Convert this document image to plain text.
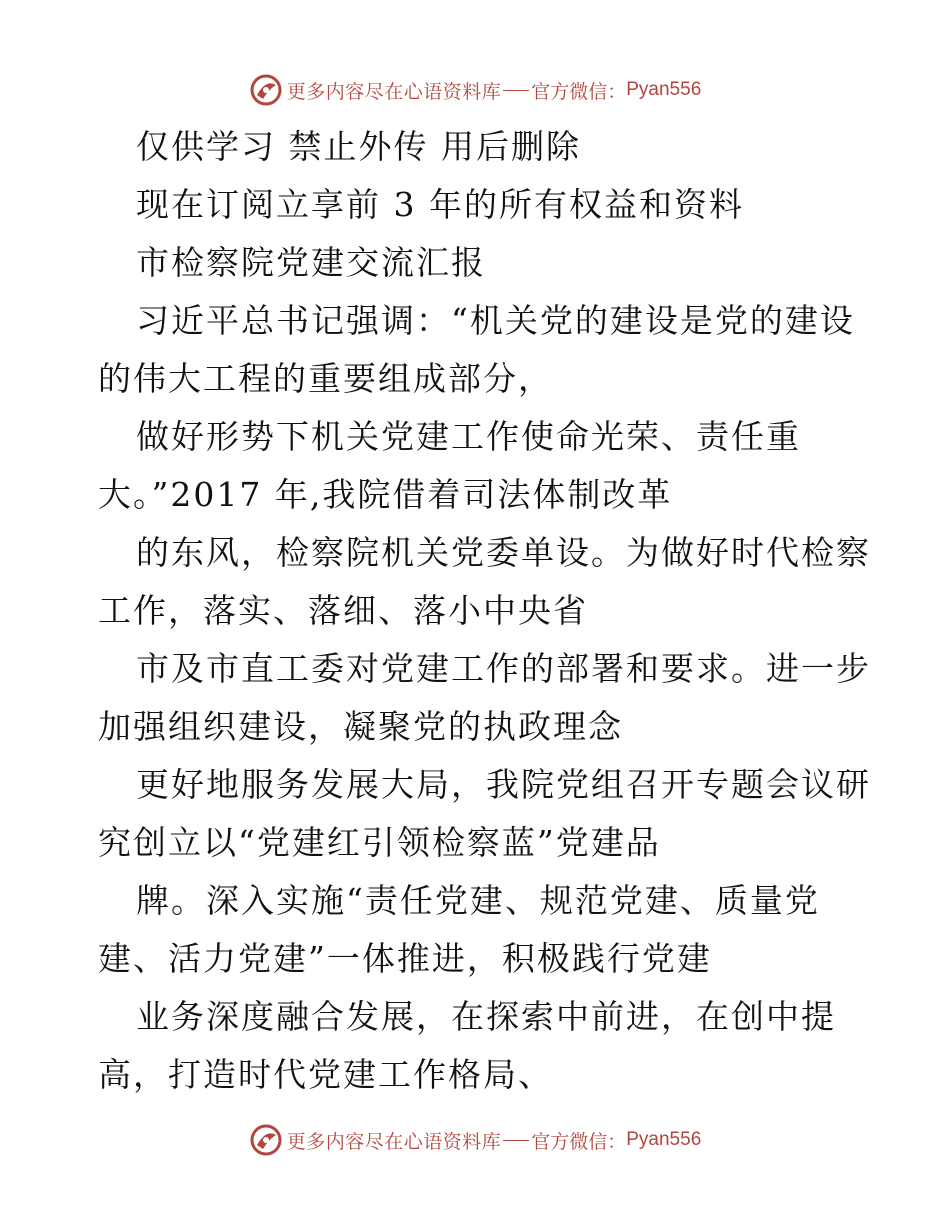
更多内容尽在心语资料库 官方微信： Pyan556
仅供学习 禁止外传 用后删除
现在订阅立享前 3 年的所有权益和资料
市检察院党建交流汇报
习近平总书记强调：“机关党的建设是党的建设
的伟大工程的重要组成部分，
做好形势下机关党建工作使命光荣、责任重
大。”2017 年,我院借着司法体制改革
的东风，检察院机关党委单设。为做好时代检察
工作，落实、落细、落小中央省
市及市直工委对党建工作的部署和要求。进一步
加强组织建设，凝聚党的执政理念
更好地服务发展大局，我院党组召开专题会议研
究创立以“党建红引领检察蓝”党建品
牌。深入实施“责任党建、规范党建、质量党
建、活力党建”一体推进，积极践行党建
业务深度融合发展，在探索中前进，在创中提
高，打造时代党建工作格局、
更多内容尽在心语资料库 官方微信： Pyan556
